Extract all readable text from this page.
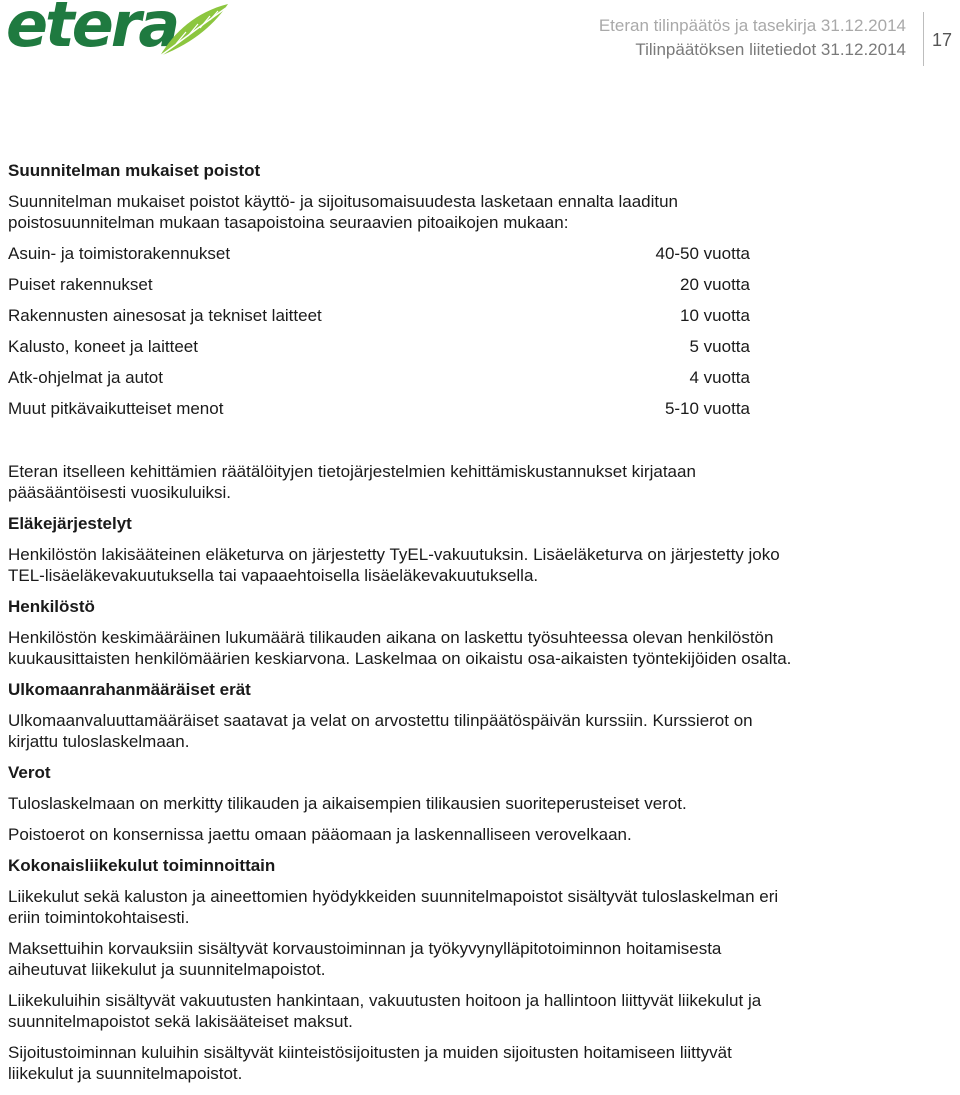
etera	Eteran tilinpäätös ja tasekirja 31.12.2014
Tilinpäätöksen liitetiedot 31.12.2014 17

Suunnitelman mukaiset poistot

Suunnitelman mukaiset poistot käyttö- ja sijoitusomaisuudesta lasketaan ennalta laaditun

poistosuunnitelman mukaan tasapoistoina seuraavien pitoaikojen mukaan:

Asuin- ja toimistorakennukset	40-50 vuotta
Puiset rakennukset	20 vuotta
Rakennusten ainesosat ja tekniset laitteet	10 vuotta
Kalusto, koneet ja laitteet	5 vuotta
Atk-ohjelmat ja autot	4 vuotta
Muut pitkävaikutteiset menot	5-10 vuotta

Eteran itselleen kehittämien räätälöityjen tietojärjestelmien kehittämiskustannukset kirjataan

pääsääntöisesti vuosikuluiksi.

Eläkejärjestelyt

Henkilöstön lakisääteinen eläketurva on järjestetty TyEL-vakuutuksin. Lisäeläketurva on järjestetty joko

TEL-lisäeläkevakuutuksella tai vapaaehtoisella lisäeläkevakuutuksella.

Henkilöstö

Henkilöstön keskimääräinen lukumäärä tilikauden aikana on laskettu työsuhteessa olevan henkilöstön

kuukausittaisten henkilömäärien keskiarvona. Laskelmaa on oikaistu osa-aikaisten työntekijöiden osalta.

Ulkomaanrahanmääräiset erät

Ulkomaanvaluuttamääräiset saatavat ja velat on arvostettu tilinpäätöspäivän kurssiin. Kurssierot on

kirjattu tuloslaskelmaan.

Verot

Tuloslaskelmaan on merkitty tilikauden ja aikaisempien tilikausien suoriteperusteiset verot.

Poistoerot on konsernissa jaettu omaan pääomaan ja laskennalliseen verovelkaan.

Kokonaisliikekulut toiminnoittain

Liikekulut sekä kaluston ja aineettomien hyödykkeiden suunnitelmapoistot sisältyvät tuloslaskelman eri

eriin toimintokohtaisesti.

Maksettuihin korvauksiin sisältyvät korvaustoiminnan ja työkyvynylläpitotoiminnon hoitamisesta

aiheutuvat liikekulut ja suunnitelmapoistot.

Liikekuluihin sisältyvät vakuutusten hankintaan, vakuutusten hoitoon ja hallintoon liittyvät liikekulut ja

suunnitelmapoistot sekä lakisääteiset maksut.

Sijoitustoiminnan kuluihin sisältyvät kiinteistösijoitusten ja muiden sijoitusten hoitamiseen liittyvät

liikekulut ja suunnitelmapoistot.
